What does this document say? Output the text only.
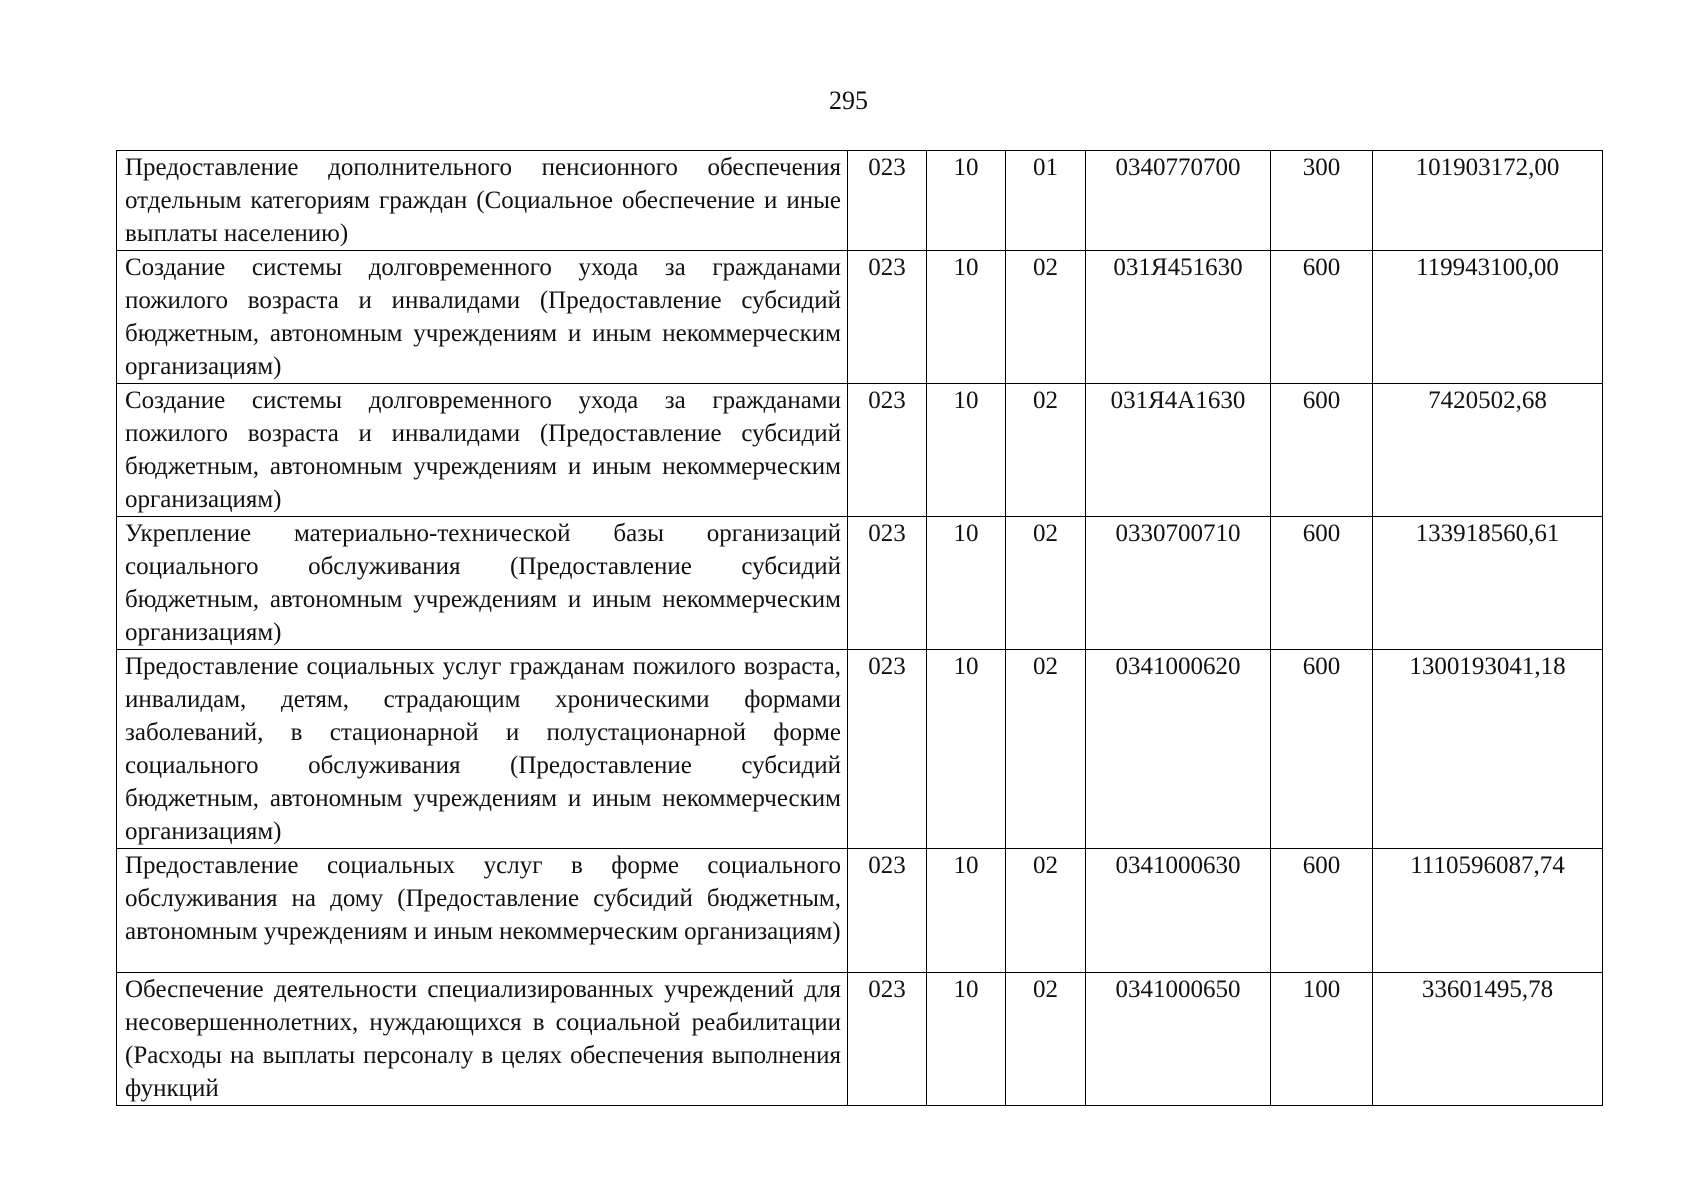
295
Предоставление дополнительного пенсионного обеспечения отдельным категориям граждан (Социальное обеспечение и иные выплаты населению)	023	10	01	0340770700	300	101903172,00
Создание системы долговременного ухода за гражданами пожилого возраста и инвалидами (Предоставление субсидий бюджетным, автономным учреждениям и иным некоммерческим организациям)	023	10	02	031Я451630	600	119943100,00
Создание системы долговременного ухода за гражданами пожилого возраста и инвалидами (Предоставление субсидий бюджетным, автономным учреждениям и иным некоммерческим организациям)	023	10	02	031Я4А1630	600	7420502,68
Укрепление материально-технической базы организаций социального обслуживания (Предоставление субсидий бюджетным, автономным учреждениям и иным некоммерческим организациям)	023	10	02	0330700710	600	133918560,61
Предоставление социальных услуг гражданам пожилого возраста, инвалидам, детям, страдающим хроническими формами заболеваний, в стационарной и полустационарной форме социального обслуживания (Предоставление субсидий бюджетным, автономным учреждениям и иным некоммерческим организациям)	023	10	02	0341000620	600	1300193041,18
Предоставление социальных услуг в форме социального обслуживания на дому (Предоставление субсидий бюджетным, автономным учреждениям и иным некоммерческим организациям)	023	10	02	0341000630	600	1110596087,74
Обеспечение деятельности специализированных учреждений для несовершеннолетних, нуждающихся в социальной реабилитации (Расходы на выплаты персоналу в целях обеспечения выполнения функций	023	10	02	0341000650	100	33601495,78
